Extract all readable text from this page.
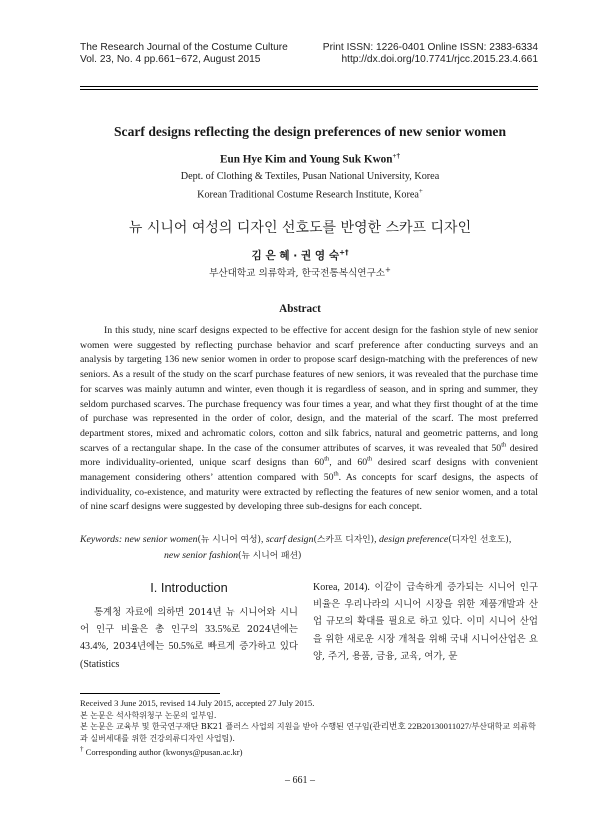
The Research Journal of the Costume Culture
Vol. 23, No. 4 pp.661~672, August 2015
Print ISSN: 1226-0401 Online ISSN: 2383-6334
http://dx.doi.org/10.7741/rjcc.2015.23.4.661
Scarf designs reflecting the design preferences of new senior women
Eun Hye Kim and Young Suk Kwon+†
Dept. of Clothing & Textiles, Pusan National University, Korea
Korean Traditional Costume Research Institute, Korea+
뉴 시니어 여성의 디자인 선호도를 반영한 스카프 디자인
김 은 혜 · 권 영 숙+†
부산대학교 의류학과, 한국전통복식연구소+
Abstract

In this study, nine scarf designs expected to be effective for accent design for the fashion style of new senior women were suggested by reflecting purchase behavior and scarf preference after conducting surveys and an analysis by targeting 136 new senior women in order to propose scarf design-matching with the preferences of new seniors. As a result of the study on the scarf purchase features of new seniors, it was revealed that the purchase time for scarves was mainly autumn and winter, even though it is regardless of season, and in spring and summer, they seldom purchased scarves. The purchase frequency was four times a year, and what they first thought of at the time of purchase was represented in the order of color, design, and the material of the scarf. The most preferred department stores, mixed and achromatic colors, cotton and silk fabrics, natural and geometric patterns, and long scarves of a rectangular shape. In the case of the consumer attributes of scarves, it was revealed that 50th desired more individuality-oriented, unique scarf designs than 60th, and 60th desired scarf designs with convenient management considering others’ attention compared with 50th. As concepts for scarf designs, the aspects of individuality, co-existence, and maturity were extracted by reflecting the features of new senior women, and a total of nine scarf designs were suggested by developing three sub-designs for each concept.

Keywords: new senior women(뉴 시니어 여성), scarf design(스카프 디자인), design preference(디자인 선호도),
new senior fashion(뉴 시니어 패션)
I. Introduction

통계청 자료에 의하면 2014년 뉴 시니어와 시니어 인구 비율은 총 인구의 33.5%로 2024년에는 43.4%, 2034년에는 50.5%로 빠르게 증가하고 있다(Statistics

Korea, 2014). 이같이 급속하게 증가되는 시니어 인구 비율은 우리나라의 시니어 시장을 위한 제품개발과 산업 규모의 확대를 필요로 하고 있다. 이미 시니어 산업을 위한 새로운 시장 개척을 위해 국내 시니어산업은 요양, 주거, 용품, 금융, 교육, 여가, 문

Received 3 June 2015, revised 14 July 2015, accepted 27 July 2015.
본 논문은 석사학위청구 논문의 일부임.
본 논문은 교육부 및 한국연구재단 BK21 플러스 사업의 지원을 받아 수행된 연구임(관리번호 22B20130011027/부산대학교 의류학과 실버세대를 위한 건강의류디자인 사업팀).
† Corresponding author (kwonys@pusan.ac.kr)
– 661 –
